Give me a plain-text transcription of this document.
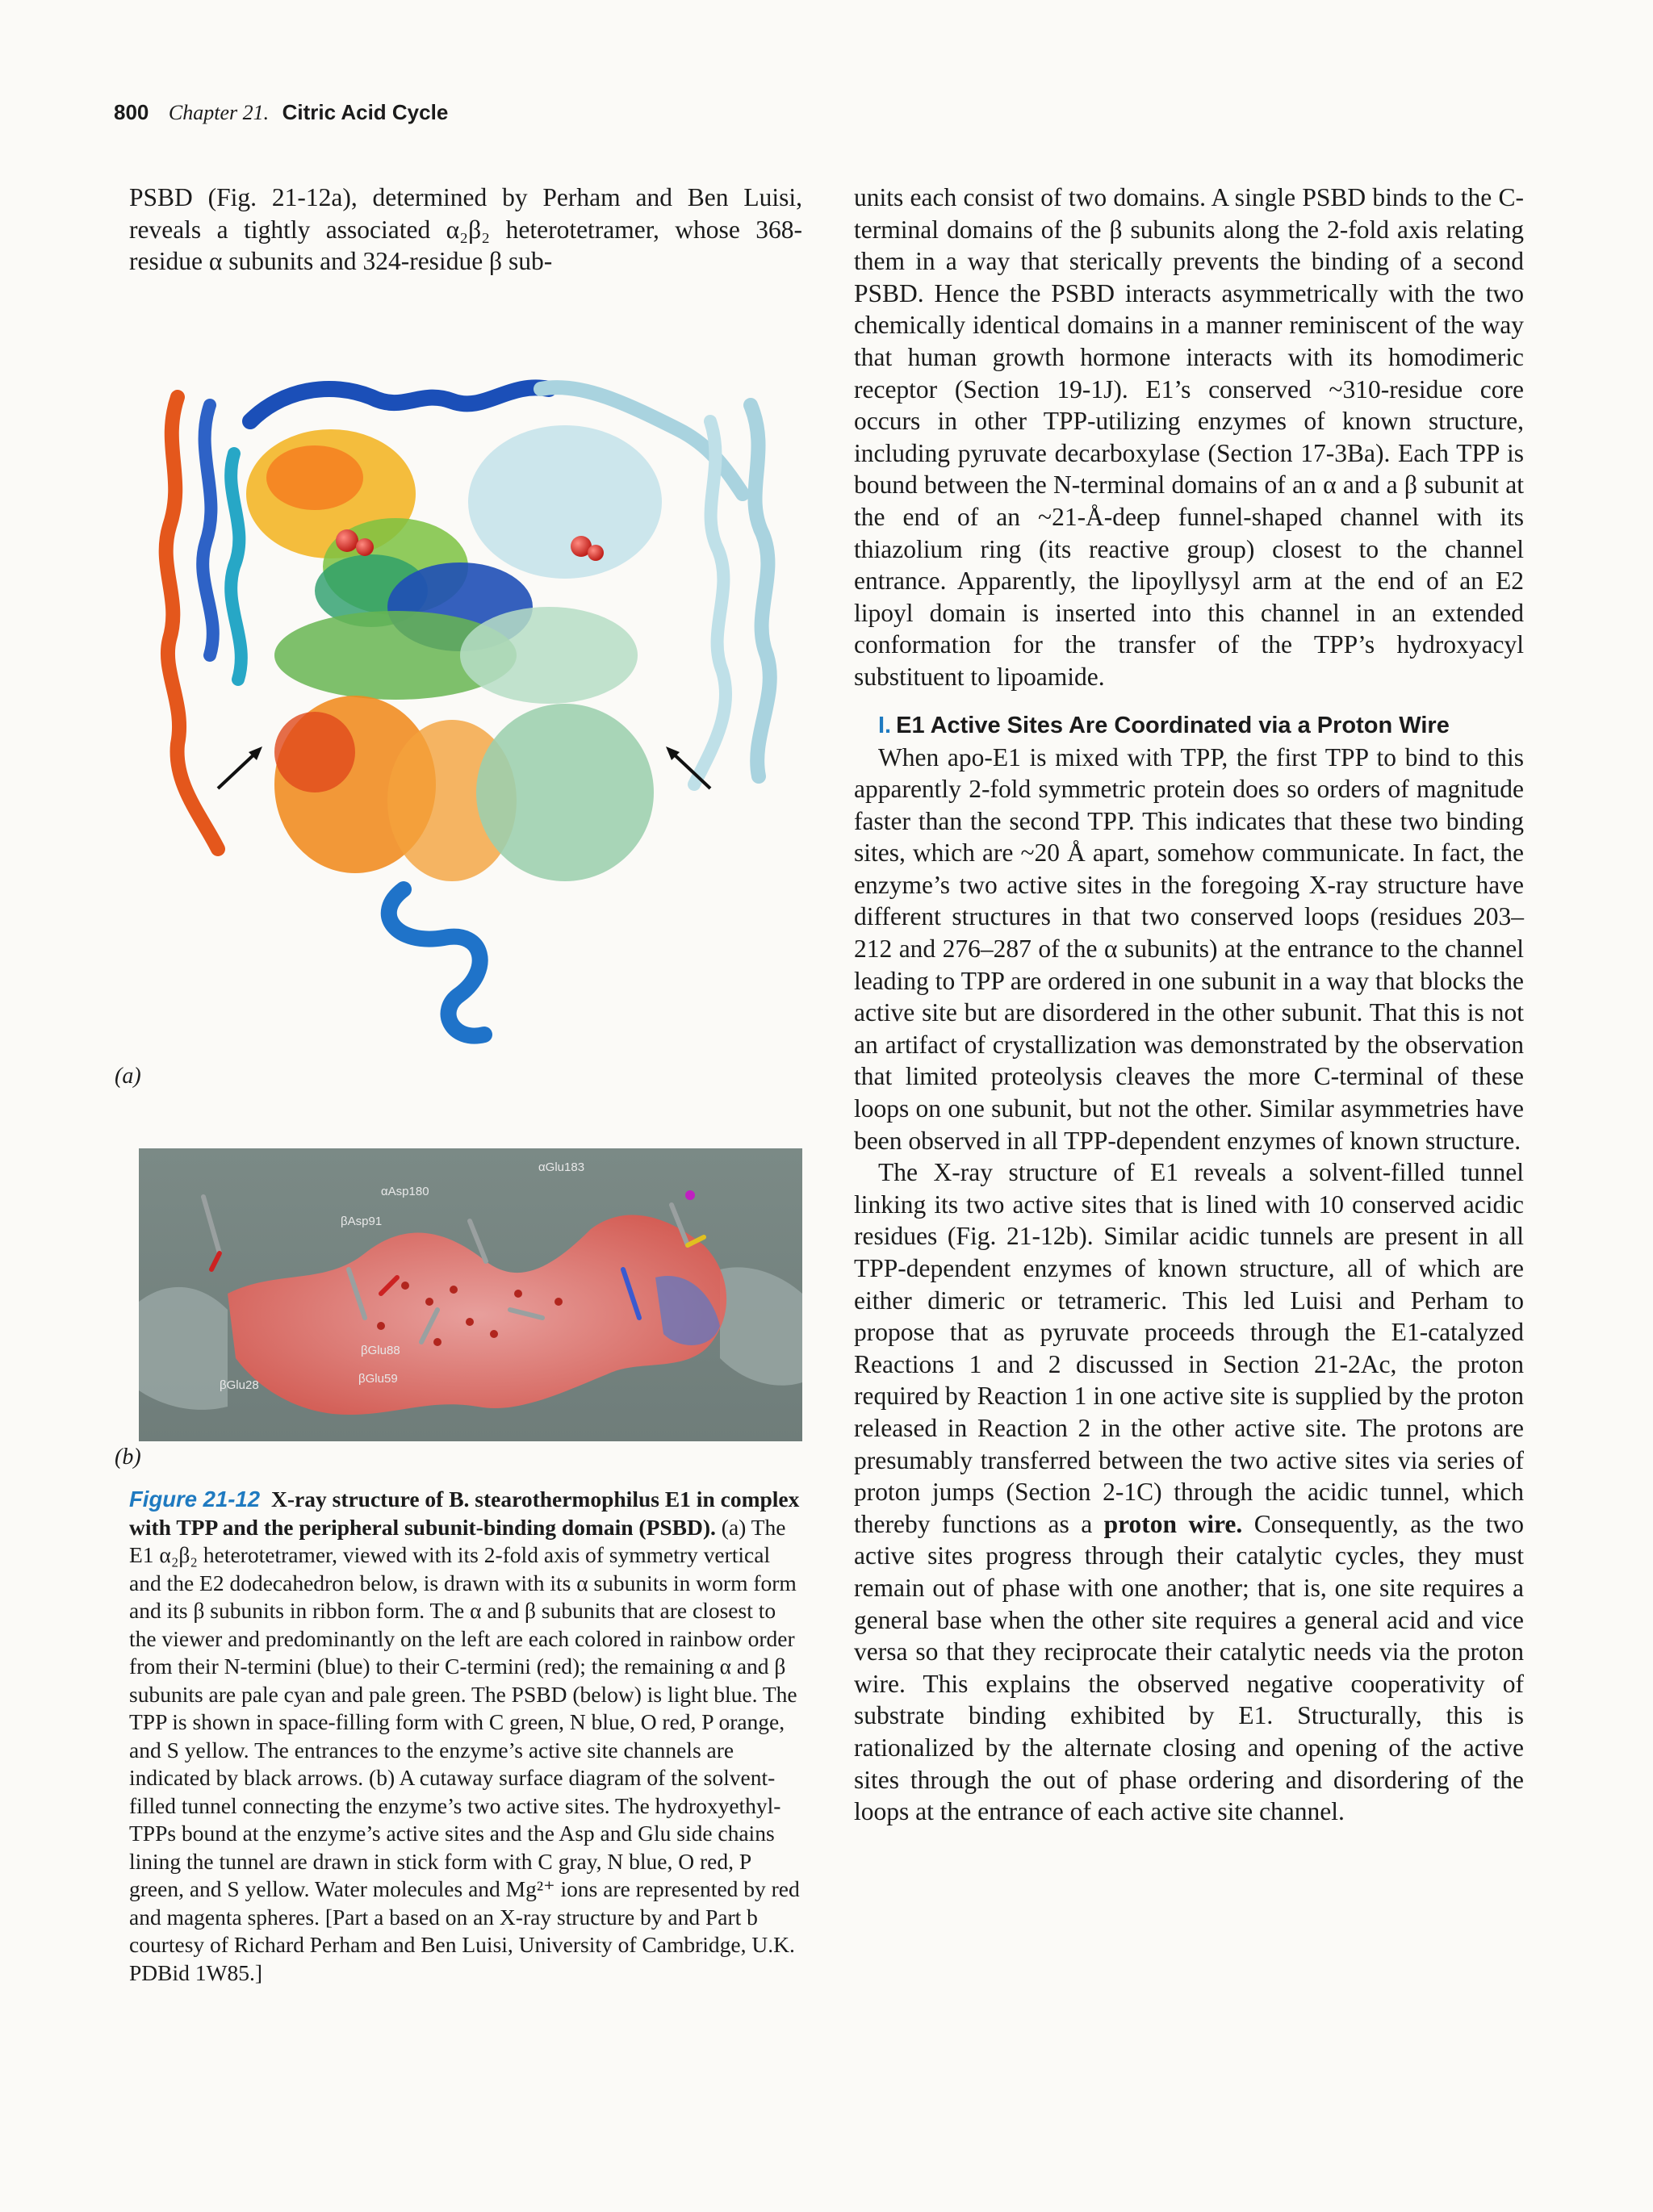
800 Chapter 21. Citric Acid Cycle

PSBD (Fig. 21-12a), determined by Perham and Ben Luisi, reveals a tightly associated α₂β₂ heterotetramer, whose 368-residue α subunits and 324-residue β sub-

(a)
αGlu183
αAsp180
βAsp91
βGlu88
βGlu59
βGlu28
(b)
Figure 21-12 X-ray structure of B. stearothermophilus E1 in complex with TPP and the peripheral subunit-binding domain (PSBD). (a) The E1 α₂β₂ heterotetramer, viewed with its 2-fold axis of symmetry vertical and the E2 dodecahedron below, is drawn with its α subunits in worm form and its β subunits in ribbon form. The α and β subunits that are closest to the viewer and predominantly on the left are each colored in rainbow order from their N-termini (blue) to their C-termini (red); the remaining α and β subunits are pale cyan and pale green. The PSBD (below) is light blue. The TPP is shown in space-filling form with C green, N blue, O red, P orange, and S yellow. The entrances to the enzyme’s active site channels are indicated by black arrows. (b) A cutaway surface diagram of the solvent-filled tunnel connecting the enzyme’s two active sites. The hydroxyethyl-TPPs bound at the enzyme’s active sites and the Asp and Glu side chains lining the tunnel are drawn in stick form with C gray, N blue, O red, P green, and S yellow. Water molecules and Mg²⁺ ions are represented by red and magenta spheres. [Part a based on an X-ray structure by and Part b courtesy of Richard Perham and Ben Luisi, University of Cambridge, U.K. PDBid 1W85.]

units each consist of two domains. A single PSBD binds to the C-terminal domains of the β subunits along the 2-fold axis relating them in a way that sterically prevents the binding of a second PSBD. Hence the PSBD interacts asymmetrically with the two chemically identical domains in a manner reminiscent of the way that human growth hormone interacts with its homodimeric receptor (Section 19-1J). E1’s conserved ~310-residue core occurs in other TPP-utilizing enzymes of known structure, including pyruvate decarboxylase (Section 17-3Ba). Each TPP is bound between the N-terminal domains of an α and a β subunit at the end of an ~21-Å-deep funnel-shaped channel with its thiazolium ring (its reactive group) closest to the channel entrance. Apparently, the lipoyllysyl arm at the end of an E2 lipoyl domain is inserted into this channel in an extended conformation for the transfer of the TPP’s hydroxyacyl substituent to lipoamide.

I. E1 Active Sites Are Coordinated via a Proton Wire

When apo-E1 is mixed with TPP, the first TPP to bind to this apparently 2-fold symmetric protein does so orders of magnitude faster than the second TPP. This indicates that these two binding sites, which are ~20 Å apart, somehow communicate. In fact, the enzyme’s two active sites in the foregoing X-ray structure have different structures in that two conserved loops (residues 203–212 and 276–287 of the α subunits) at the entrance to the channel leading to TPP are ordered in one subunit in a way that blocks the active site but are disordered in the other subunit. That this is not an artifact of crystallization was demonstrated by the observation that limited proteolysis cleaves the more C-terminal of these loops on one subunit, but not the other. Similar asymmetries have been observed in all TPP-dependent enzymes of known structure.

The X-ray structure of E1 reveals a solvent-filled tunnel linking its two active sites that is lined with 10 conserved acidic residues (Fig. 21-12b). Similar acidic tunnels are present in all TPP-dependent enzymes of known structure, all of which are either dimeric or tetrameric. This led Luisi and Perham to propose that as pyruvate proceeds through the E1-catalyzed Reactions 1 and 2 discussed in Section 21-2Ac, the proton required by Reaction 1 in one active site is supplied by the proton released in Reaction 2 in the other active site. The protons are presumably transferred between the two active sites via series of proton jumps (Section 2-1C) through the acidic tunnel, which thereby functions as a proton wire. Consequently, as the two active sites progress through their catalytic cycles, they must remain out of phase with one another; that is, one site requires a general base when the other site requires a general acid and vice versa so that they reciprocate their catalytic needs via the proton wire. This explains the observed negative cooperativity of substrate binding exhibited by E1. Structurally, this is rationalized by the alternate closing and opening of the active sites through the out of phase ordering and disordering of the loops at the entrance of each active site channel.
